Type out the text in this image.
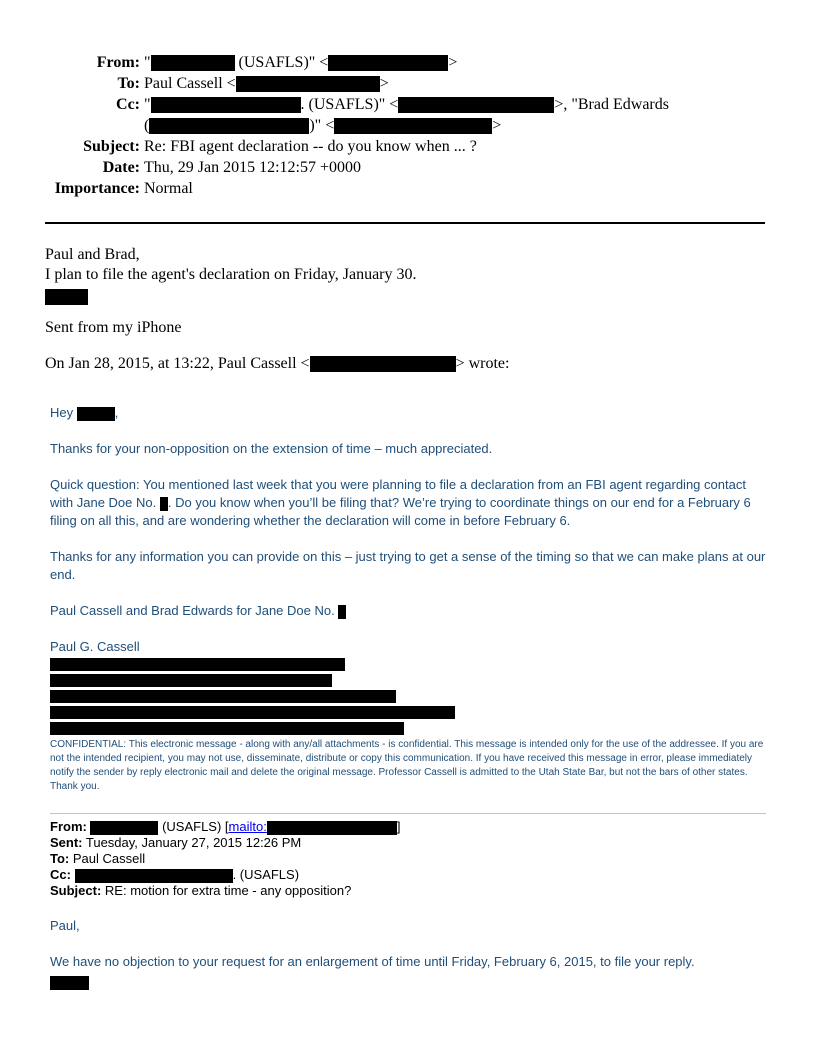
From: "	(USAFLS)" <	>
To: Paul Cassell <	>
Cc: "	. (USAFLS)" <	>, "Brad Edwards
(	)" <	>
Subject: Re: FBI agent declaration -- do you know when ... ?
Date: Thu, 29 Jan 2015 12:12:57 +0000
Importance: Normal
Paul and Brad,
I plan to file the agent's declaration on Friday, January 30.
Sent from my iPhone
On Jan 28, 2015, at 13:22, Paul Cassell <	> wrote:

Hey	,

Thanks for your non-opposition on the extension of time – much appreciated.

Quick question: You mentioned last week that you were planning to file a declaration from an FBI agent regarding contact with Jane Doe No. . Do you know when you’ll be filing that? We’re trying to coordinate things on our end for a February 6 filing on all this, and are wondering whether the declaration will come in before February 6.

Thanks for any information you can provide on this – just trying to get a sense of the timing so that we can make plans at our end.

Paul Cassell and Brad Edwards for Jane Doe No.

Paul G. Cassell

CONFIDENTIAL: This electronic message - along with any/all attachments - is confidential. This message is intended only for the use of the addressee. If you are not the intended recipient, you may not use, disseminate, distribute or copy this communication. If you have received this message in error, please immediately notify the sender by reply electronic mail and delete the original message. Professor Cassell is admitted to the Utah State Bar, but not the bars of other states. Thank you.

From:	(USAFLS) [mailto:	]
Sent: Tuesday, January 27, 2015 12:26 PM
To: Paul Cassell
Cc:	. (USAFLS)
Subject: RE: motion for extra time - any opposition?
Paul,

We have no objection to your request for an enlargement of time until Friday, February 6, 2015, to file your reply.
